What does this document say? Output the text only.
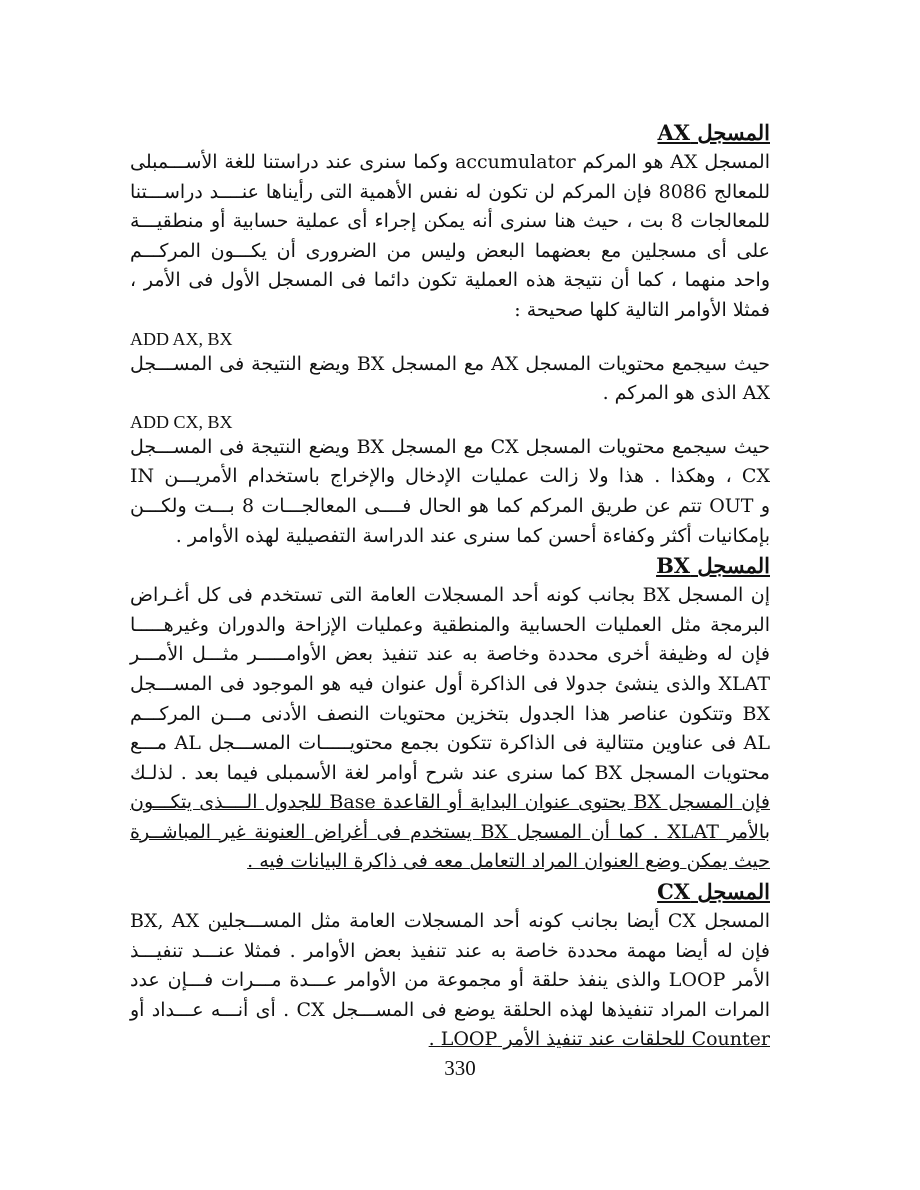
المسجل AX

المسجل AX هو المركم accumulator وكما سنرى عند دراستنا للغة الأســـمبلى
للمعالج 8086 فإن المركم لن تكون له نفس الأهمية التى رأيناها عنــــد دراســـتنا
للمعالجات 8 بت ، حيث هنا سنرى أنه يمكن إجراء أى عملية حسابية أو منطقيـــة
على أى مسجلين مع بعضهما البعض وليس من الضرورى أن يكـــون المركـــم
واحد منهما ، كما أن نتيجة هذه العملية تكون دائما فى المسجل الأول فى الأمر ،
فمثلا الأوامر التالية كلها صحيحة :

ADD AX, BX

حيث سيجمع محتويات المسجل AX مع المسجل BX ويضع النتيجة فى المســـجل
AX الذى هو المركم .

ADD CX, BX

حيث سيجمع محتويات المسجل CX مع المسجل BX ويضع النتيجة فى المســـجل
CX ، وهكذا . هذا ولا زالت عمليات الإدخال والإخراج باستخدام الأمريـــن IN
و OUT تتم عن طريق المركم كما هو الحال فــــى المعالجـــات 8 بـــت ولكـــن
بإمكانيات أكثر وكفاءة أحسن كما سنرى عند الدراسة التفصيلية لهذه الأوامر .

المسجل BX

إن المسجل BX بجانب كونه أحد المسجلات العامة التى تستخدم فى كل أغـراض
البرمجة مثل العمليات الحسابية والمنطقية وعمليات الإزاحة والدوران وغيرهـــــا
فإن له وظيفة أخرى محددة وخاصة به عند تنفيذ بعض الأوامـــــر مثـــل الأمـــر
XLAT والذى ينشئ جدولا فى الذاكرة أول عنوان فيه هو الموجود فى المســـجل
BX وتتكون عناصر هذا الجدول بتخزين محتويات النصف الأدنى مـــن المركـــم
AL فى عناوين متتالية فى الذاكرة تتكون بجمع محتويـــــات المســـجل AL مـــع
محتويات المسجل BX كما سنرى عند شرح أوامر لغة الأسمبلى فيما بعد . لذلـك
فإن المسجل BX يحتوى عنوان البداية أو القاعدة Base للجدول الــــذى يتكـــون
بالأمر XLAT . كما أن المسجل BX يستخدم فى أغراض العنونة غير المباشــرة
حيث يمكن وضع العنوان المراد التعامل معه فى ذاكرة البيانات فيه .

المسجل CX

المسجل CX أيضا بجانب كونه أحد المسجلات العامة مثل المســـجلين BX, AX
فإن له أيضا مهمة محددة خاصة به عند تنفيذ بعض الأوامر . فمثلا عنـــد تنفيـــذ
الأمر LOOP والذى ينفذ حلقة أو مجموعة من الأوامر عـــدة مـــرات فـــإن عدد
المرات المراد تنفيذها لهذه الحلقة يوضع فى المســـجل CX . أى أنـــه عـــداد أو
Counter للحلقات عند تنفيذ الأمر LOOP .

330
